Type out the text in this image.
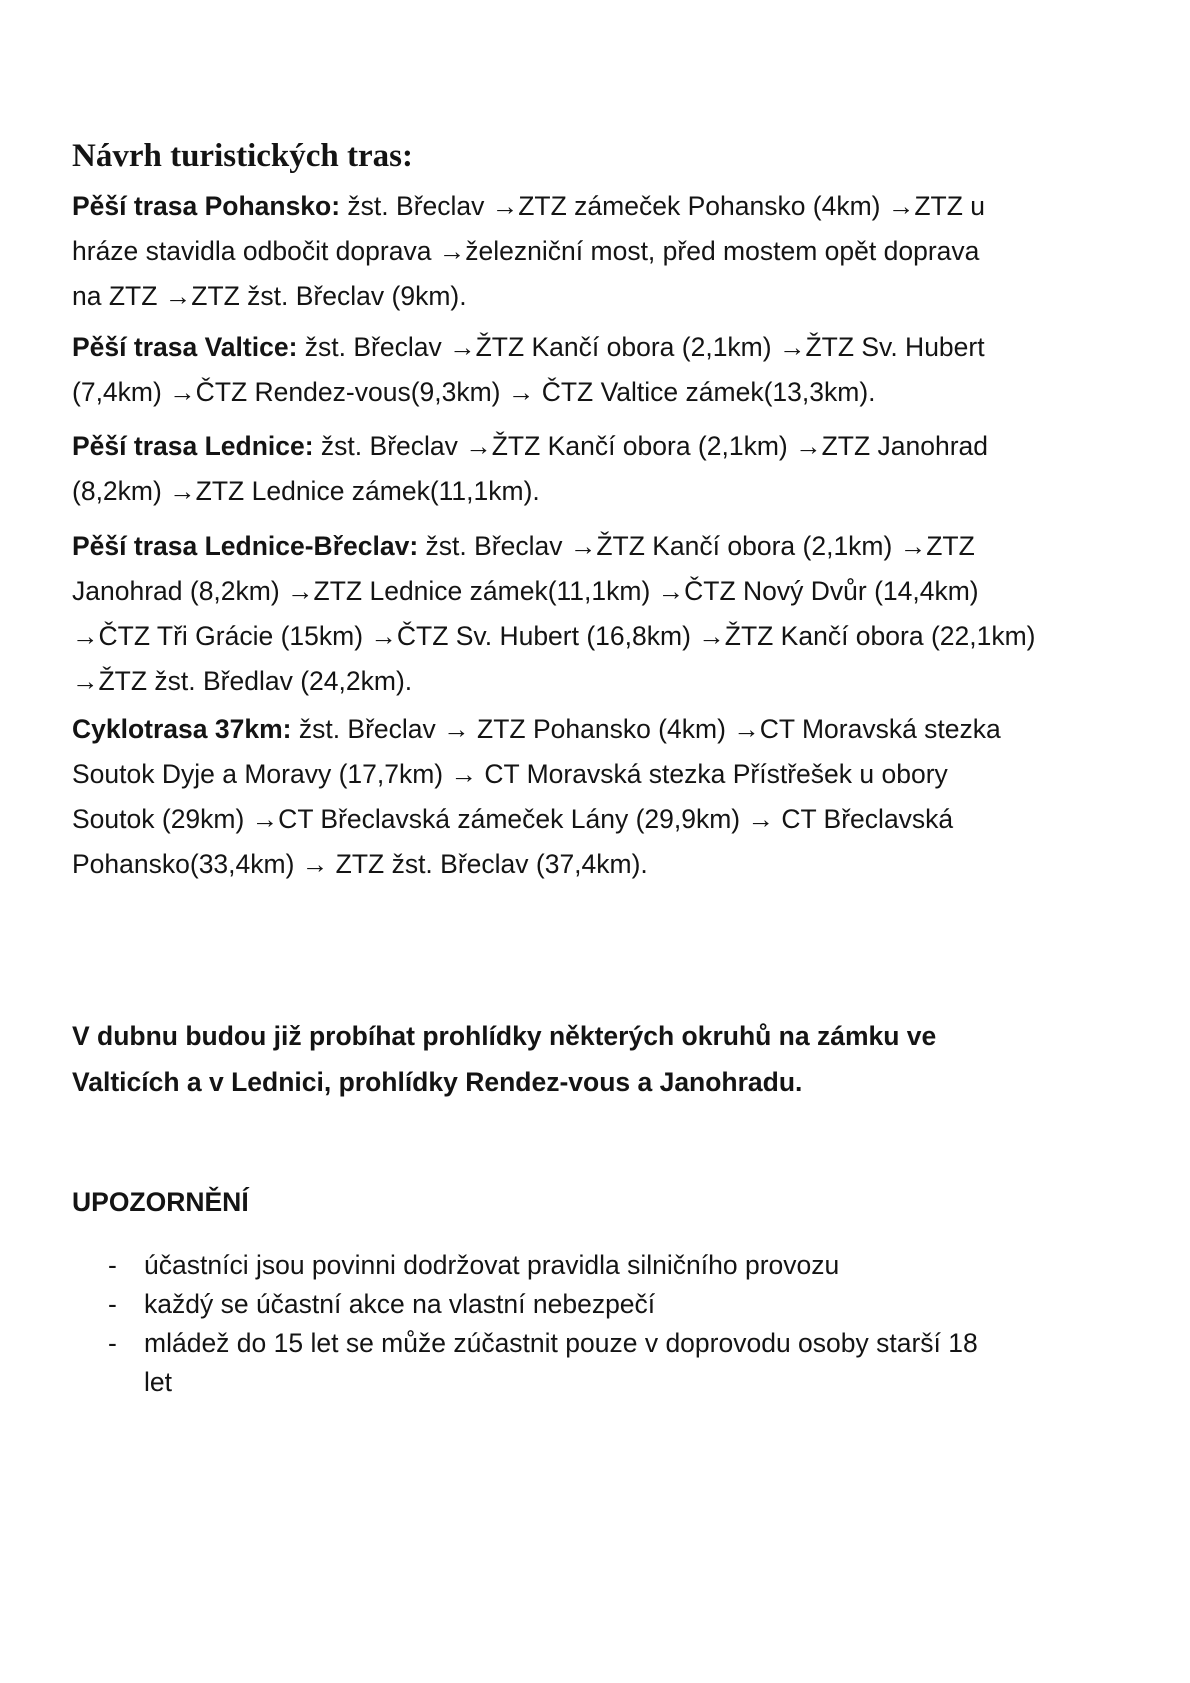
Návrh turistických tras:

Pěší trasa Pohansko: žst. Břeclav →ZTZ zámeček Pohansko (4km) →ZTZ u
hráze stavidla odbočit doprava →železniční most, před mostem opět doprava
na ZTZ →ZTZ žst. Břeclav (9km).

Pěší trasa Valtice: žst. Břeclav →ŽTZ Kančí obora (2,1km) →ŽTZ Sv. Hubert
(7,4km) →ČTZ Rendez-vous(9,3km) → ČTZ Valtice zámek(13,3km).

Pěší trasa Lednice: žst. Břeclav →ŽTZ Kančí obora (2,1km) →ZTZ Janohrad
(8,2km) →ZTZ Lednice zámek(11,1km).

Pěší trasa Lednice-Břeclav: žst. Břeclav →ŽTZ Kančí obora (2,1km) →ZTZ
Janohrad (8,2km) →ZTZ Lednice zámek(11,1km) →ČTZ Nový Dvůr (14,4km)
→ČTZ Tři Grácie (15km) →ČTZ Sv. Hubert (16,8km) →ŽTZ Kančí obora (22,1km)
→ŽTZ žst. Bředlav (24,2km).

Cyklotrasa 37km: žst. Břeclav → ZTZ Pohansko (4km) →CT Moravská stezka
Soutok Dyje a Moravy (17,7km) → CT Moravská stezka Přístřešek u obory
Soutok (29km) →CT Břeclavská zámeček Lány (29,9km) → CT Břeclavská
Pohansko(33,4km) → ZTZ žst. Břeclav (37,4km).

V dubnu budou již probíhat prohlídky některých okruhů na zámku ve
Valticích a v Lednici, prohlídky Rendez-vous a Janohradu.

UPOZORNĚNÍ
- účastníci jsou povinni dodržovat pravidla silničního provozu
- každý se účastní akce na vlastní nebezpečí
- mládež do 15 let se může zúčastnit pouze v doprovodu osoby starší 18
let
